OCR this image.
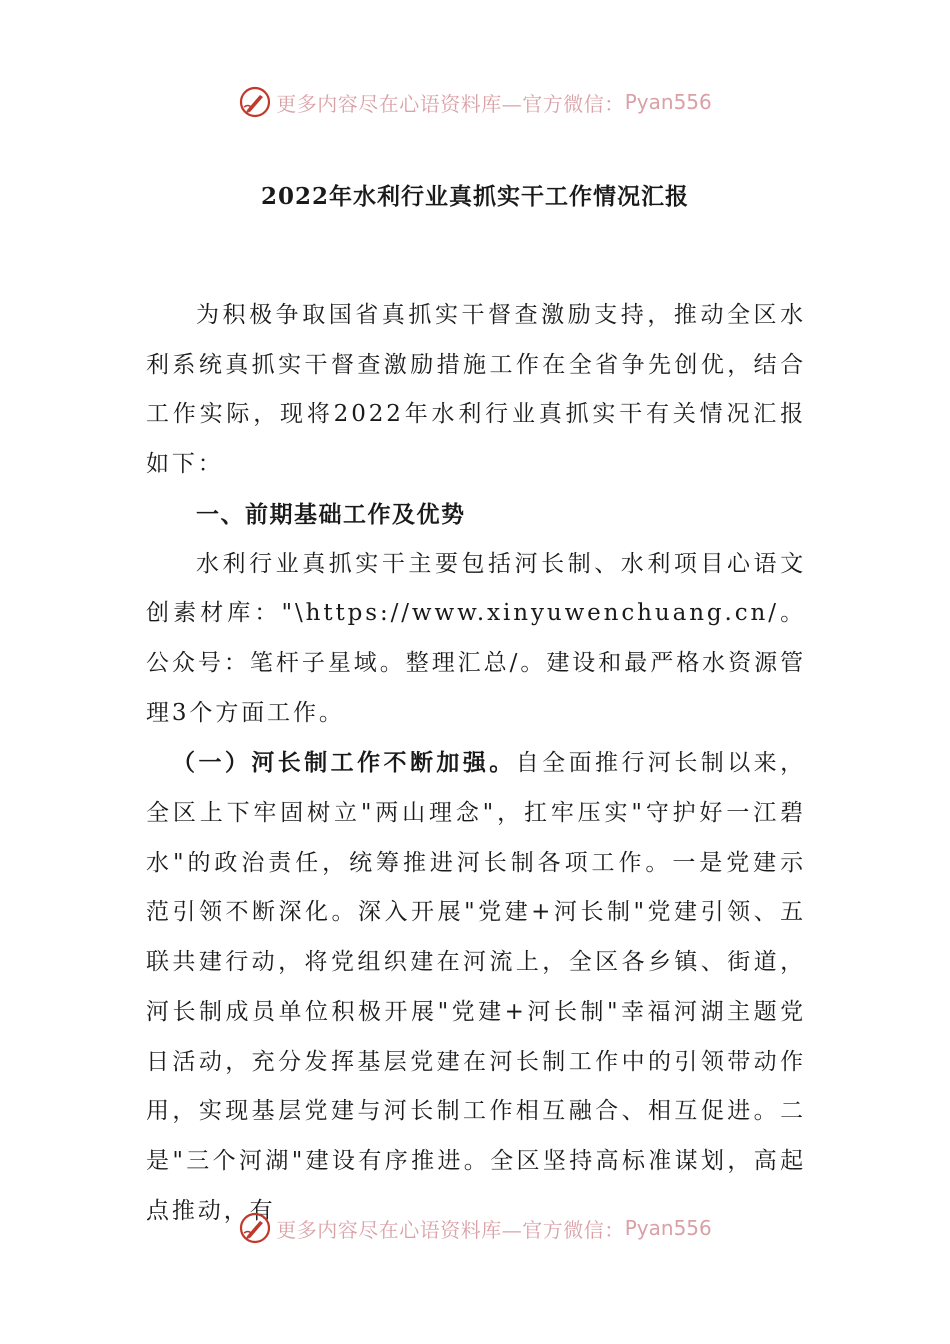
更多内容尽在心语资料库—官方微信： Pyan556
2022年水利行业真抓实干工作情况汇报

为积极争取国省真抓实干督查激励支持，推动全区水利系统真抓实干督查激励措施工作在全省争先创优，结合工作实际，现将2022年水利行业真抓实干有关情况汇报如下：

一、前期基础工作及优势

水利行业真抓实干主要包括河长制、水利项目心语文创素材库："\https://www.xinyuwenchuang.cn/。公众号：笔杆子星域。整理汇总/。建设和最严格水资源管理3个方面工作。

（一）河长制工作不断加强。自全面推行河长制以来，全区上下牢固树立"两山理念"，扛牢压实"守护好一江碧水"的政治责任，统筹推进河长制各项工作。一是党建示范引领不断深化。深入开展"党建+河长制"党建引领、五联共建行动，将党组织建在河流上，全区各乡镇、街道，河长制成员单位积极开展"党建+河长制"幸福河湖主题党日活动，充分发挥基层党建在河长制工作中的引领带动作用，实现基层党建与河长制工作相互融合、相互促进。二是"三个河湖"建设有序推进。全区坚持高标准谋划，高起点推动，有

更多内容尽在心语资料库—官方微信： Pyan556
